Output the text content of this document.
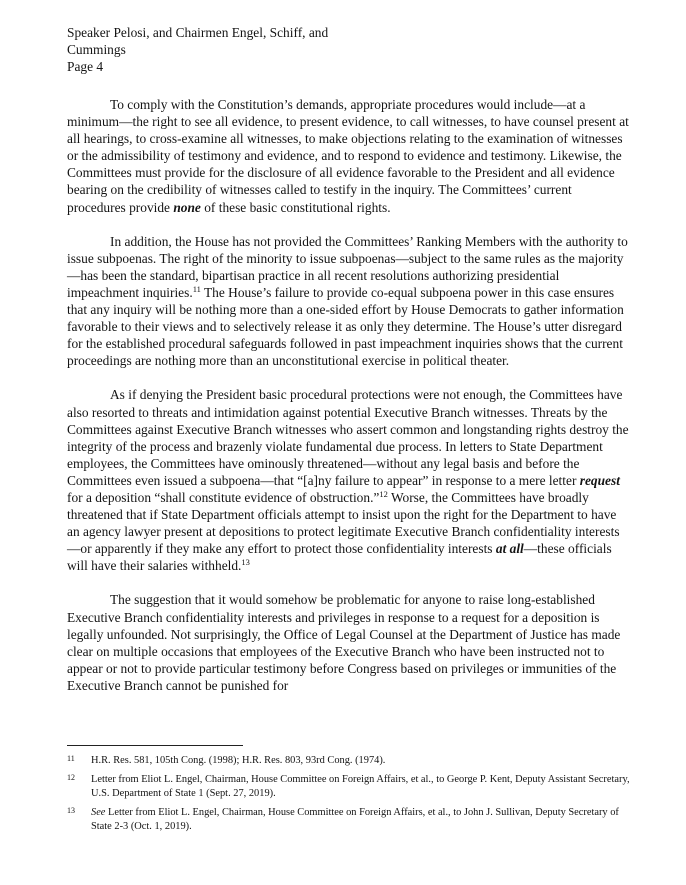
Speaker Pelosi, and Chairmen Engel, Schiff, and
Cummings
Page 4

To comply with the Constitution’s demands, appropriate procedures would include—at a minimum—the right to see all evidence, to present evidence, to call witnesses, to have counsel present at all hearings, to cross-examine all witnesses, to make objections relating to the examination of witnesses or the admissibility of testimony and evidence, and to respond to evidence and testimony. Likewise, the Committees must provide for the disclosure of all evidence favorable to the President and all evidence bearing on the credibility of witnesses called to testify in the inquiry. The Committees’ current procedures provide none of these basic constitutional rights.

In addition, the House has not provided the Committees’ Ranking Members with the authority to issue subpoenas. The right of the minority to issue subpoenas—subject to the same rules as the majority—has been the standard, bipartisan practice in all recent resolutions authorizing presidential impeachment inquiries.$^{11}$ The House’s failure to provide co-equal subpoena power in this case ensures that any inquiry will be nothing more than a one-sided effort by House Democrats to gather information favorable to their views and to selectively release it as only they determine. The House’s utter disregard for the established procedural safeguards followed in past impeachment inquiries shows that the current proceedings are nothing more than an unconstitutional exercise in political theater.

As if denying the President basic procedural protections were not enough, the Committees have also resorted to threats and intimidation against potential Executive Branch witnesses. Threats by the Committees against Executive Branch witnesses who assert common and longstanding rights destroy the integrity of the process and brazenly violate fundamental due process. In letters to State Department employees, the Committees have ominously threatened—without any legal basis and before the Committees even issued a subpoena—that “[a]ny failure to appear” in response to a mere letter request for a deposition “shall constitute evidence of obstruction.”$^{12}$ Worse, the Committees have broadly threatened that if State Department officials attempt to insist upon the right for the Department to have an agency lawyer present at depositions to protect legitimate Executive Branch confidentiality interests—or apparently if they make any effort to protect those confidentiality interests at all—these officials will have their salaries withheld.$^{13}$

The suggestion that it would somehow be problematic for anyone to raise long-established Executive Branch confidentiality interests and privileges in response to a request for a deposition is legally unfounded. Not surprisingly, the Office of Legal Counsel at the Department of Justice has made clear on multiple occasions that employees of the Executive Branch who have been instructed not to appear or not to provide particular testimony before Congress based on privileges or immunities of the Executive Branch cannot be punished for

11 H.R. Res. 581, 105th Cong. (1998); H.R. Res. 803, 93rd Cong. (1974).
12 Letter from Eliot L. Engel, Chairman, House Committee on Foreign Affairs, et al., to George P. Kent, Deputy Assistant Secretary, U.S. Department of State 1 (Sept. 27, 2019).
13 See Letter from Eliot L. Engel, Chairman, House Committee on Foreign Affairs, et al., to John J. Sullivan, Deputy Secretary of State 2-3 (Oct. 1, 2019).
